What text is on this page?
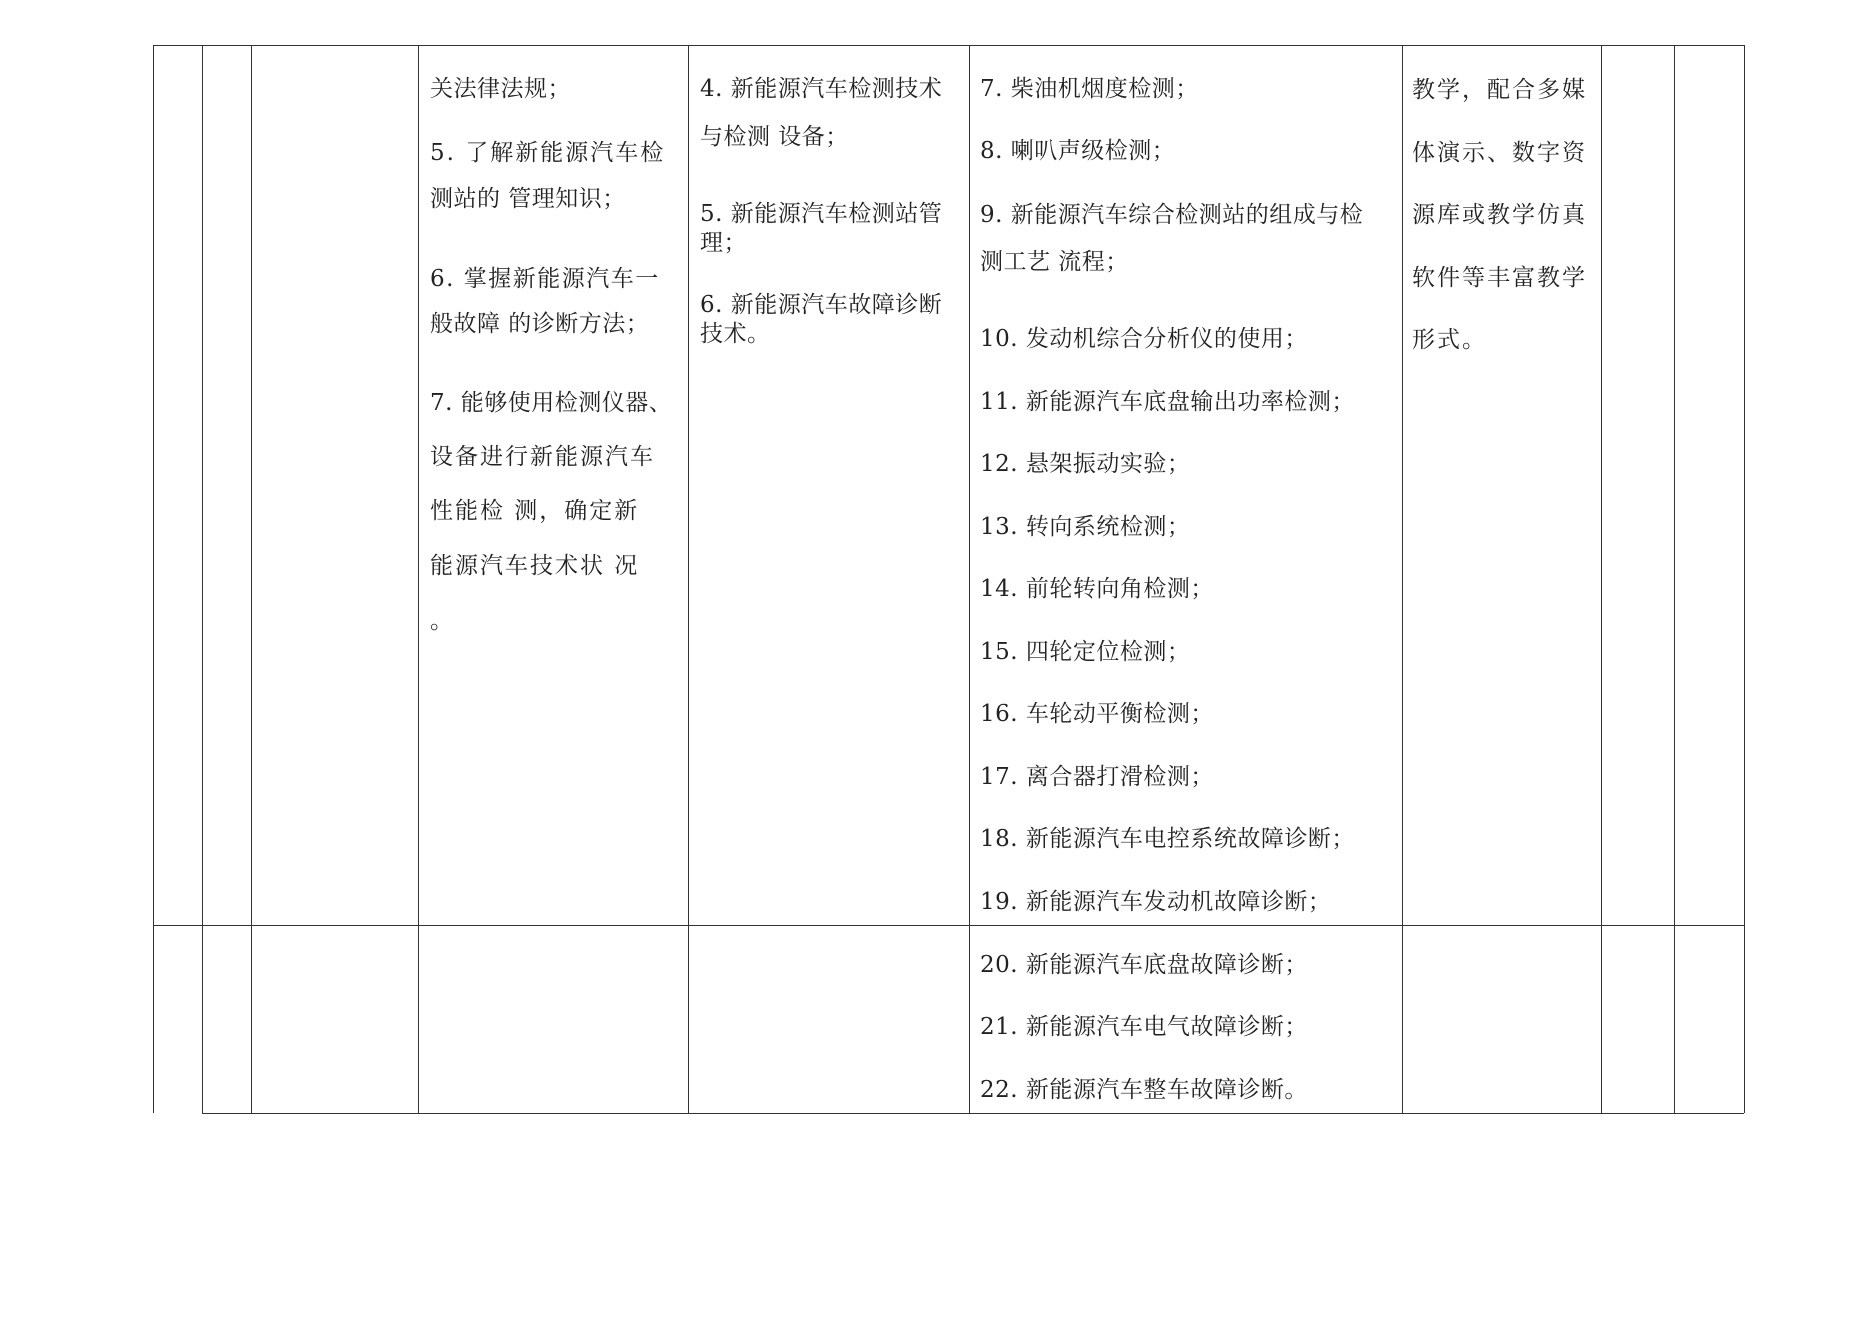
关法律法规；
5. 了解新能源汽车检
测站的 管理知识；
6. 掌握新能源汽车一
般故障 的诊断方法；
7. 能够使用检测仪器、
设备进行新能源汽车
性能检 测，确定新
能源汽车技术状 况
。
4. 新能源汽车检测技术
与检测 设备；
5. 新能源汽车检测站管
理；
6. 新能源汽车故障诊断
技术。
7. 柴油机烟度检测；
8. 喇叭声级检测；
9. 新能源汽车综合检测站的组成与检
测工艺 流程；
10. 发动机综合分析仪的使用；
11. 新能源汽车底盘输出功率检测；
12. 悬架振动实验；
13. 转向系统检测；
14. 前轮转向角检测；
15. 四轮定位检测；
16. 车轮动平衡检测；
17. 离合器打滑检测；
18. 新能源汽车电控系统故障诊断；
19. 新能源汽车发动机故障诊断；
教学，配合多媒
体演示、数字资
源库或教学仿真
软件等丰富教学
形式。
20. 新能源汽车底盘故障诊断；
21. 新能源汽车电气故障诊断；
22. 新能源汽车整车故障诊断。
